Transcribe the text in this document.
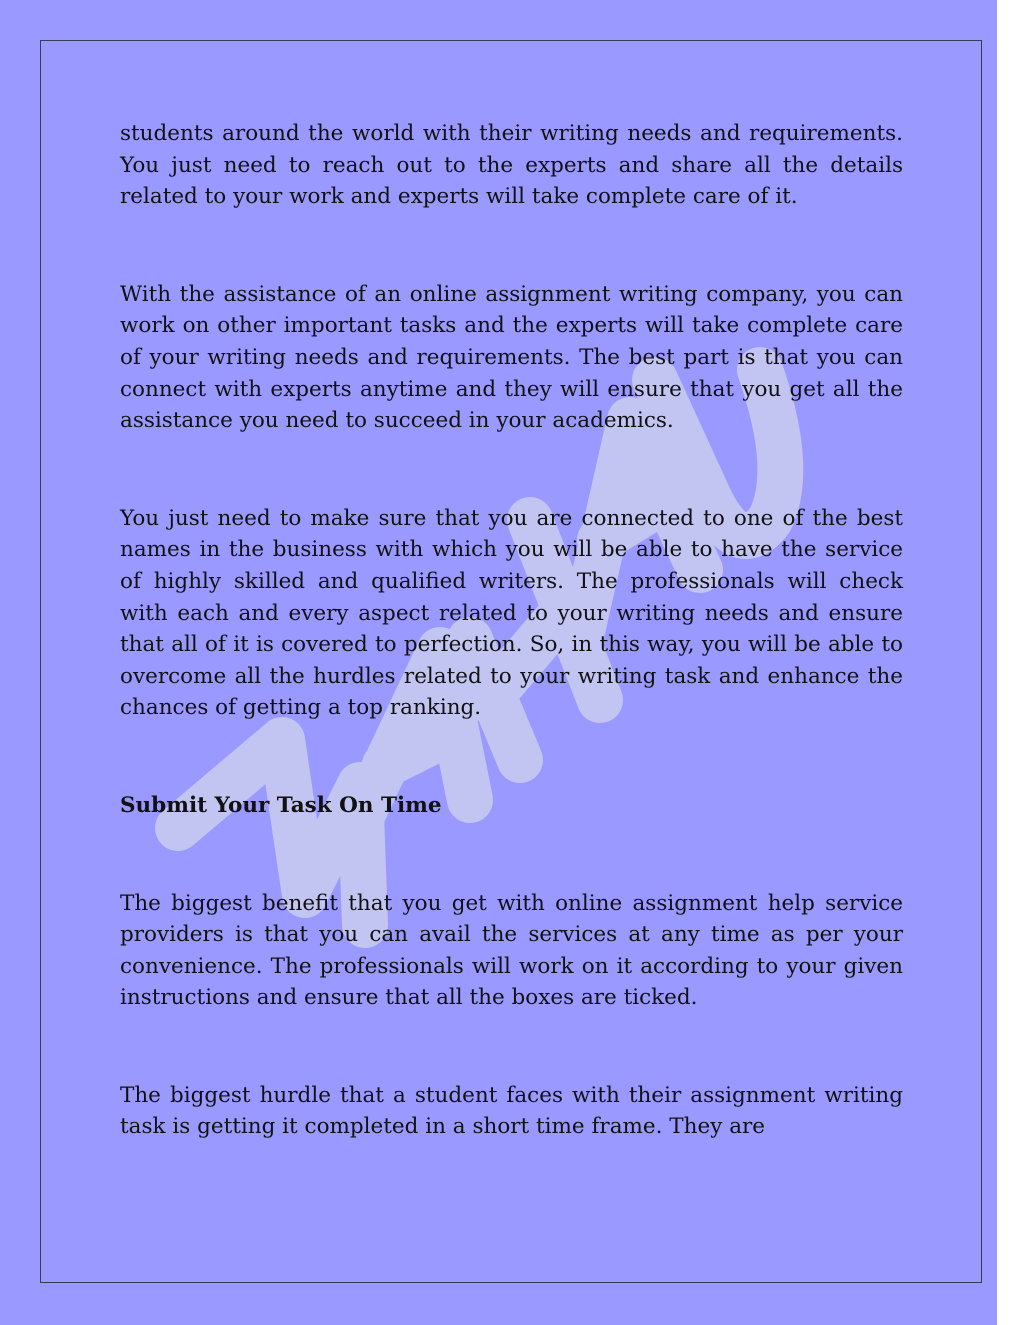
students around the world with their writing needs and requirements. You just need to reach out to the experts and share all the details related to your work and experts will take complete care of it.

With the assistance of an online assignment writing company, you can work on other important tasks and the experts will take complete care of your writing needs and requirements. The best part is that you can connect with experts anytime and they will ensure that you get all the assistance you need to succeed in your academics.

You just need to make sure that you are connected to one of the best names in the business with which you will be able to have the service of highly skilled and qualified writers. The professionals will check with each and every aspect related to your writing needs and ensure that all of it is covered to perfection. So, in this way, you will be able to overcome all the hurdles related to your writing task and enhance the chances of getting a top ranking.

Submit Your Task On Time

The biggest benefit that you get with online assignment help service providers is that you can avail the services at any time as per your convenience. The professionals will work on it according to your given instructions and ensure that all the boxes are ticked.

The biggest hurdle that a student faces with their assignment writing task is getting it completed in a short time frame. They are
